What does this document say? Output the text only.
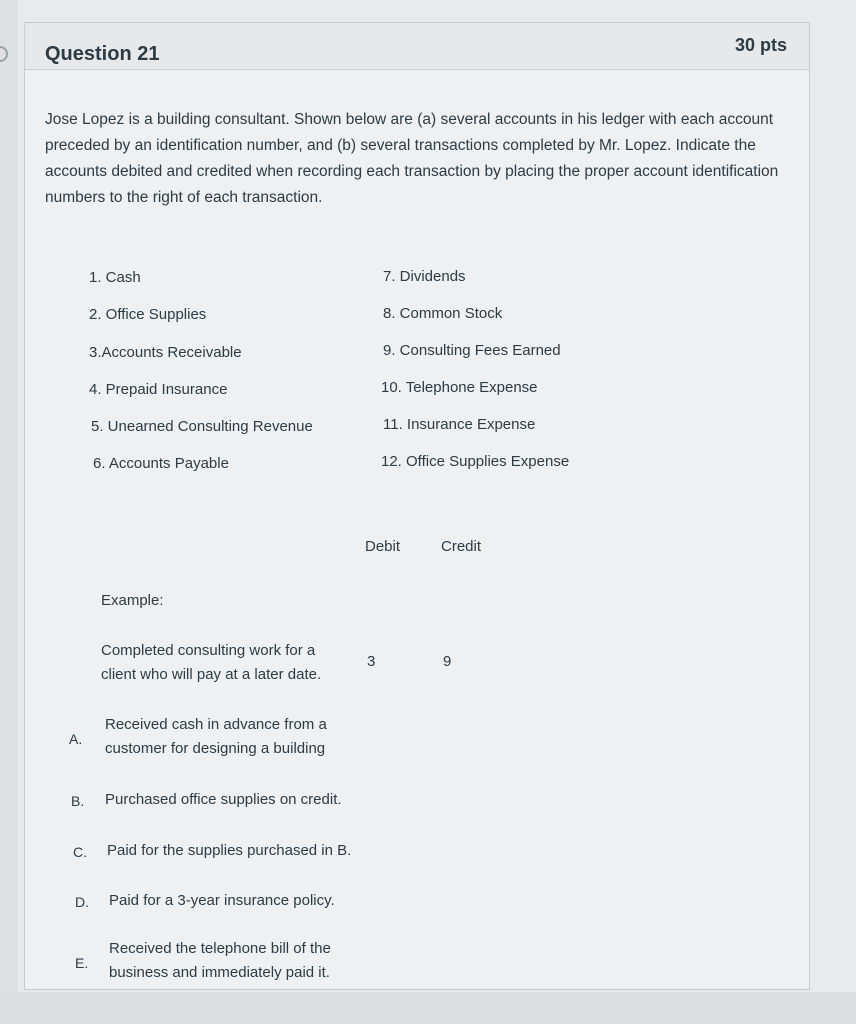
Question 21	30 pts
Jose Lopez is a building consultant. Shown below are (a) several accounts in his ledger with each account preceded by an identification number, and (b) several transactions completed by Mr. Lopez. Indicate the accounts debited and credited when recording each transaction by placing the proper account identification numbers to the right of each transaction.
1. Cash
2. Office Supplies
3.Accounts Receivable
4. Prepaid Insurance
5. Unearned Consulting Revenue
6. Accounts Payable
7. Dividends
8. Common Stock
9. Consulting Fees Earned
10. Telephone Expense
11. Insurance Expense
12. Office Supplies Expense
Debit	Credit
Example:
Completed consulting work for a client who will pay at a later date.
3	9
A.
Received cash in advance from a customer for designing a building
B. Purchased office supplies on credit.
C. Paid for the supplies purchased in B.
D. Paid for a 3-year insurance policy.
E.
Received the telephone bill of the business and immediately paid it.
